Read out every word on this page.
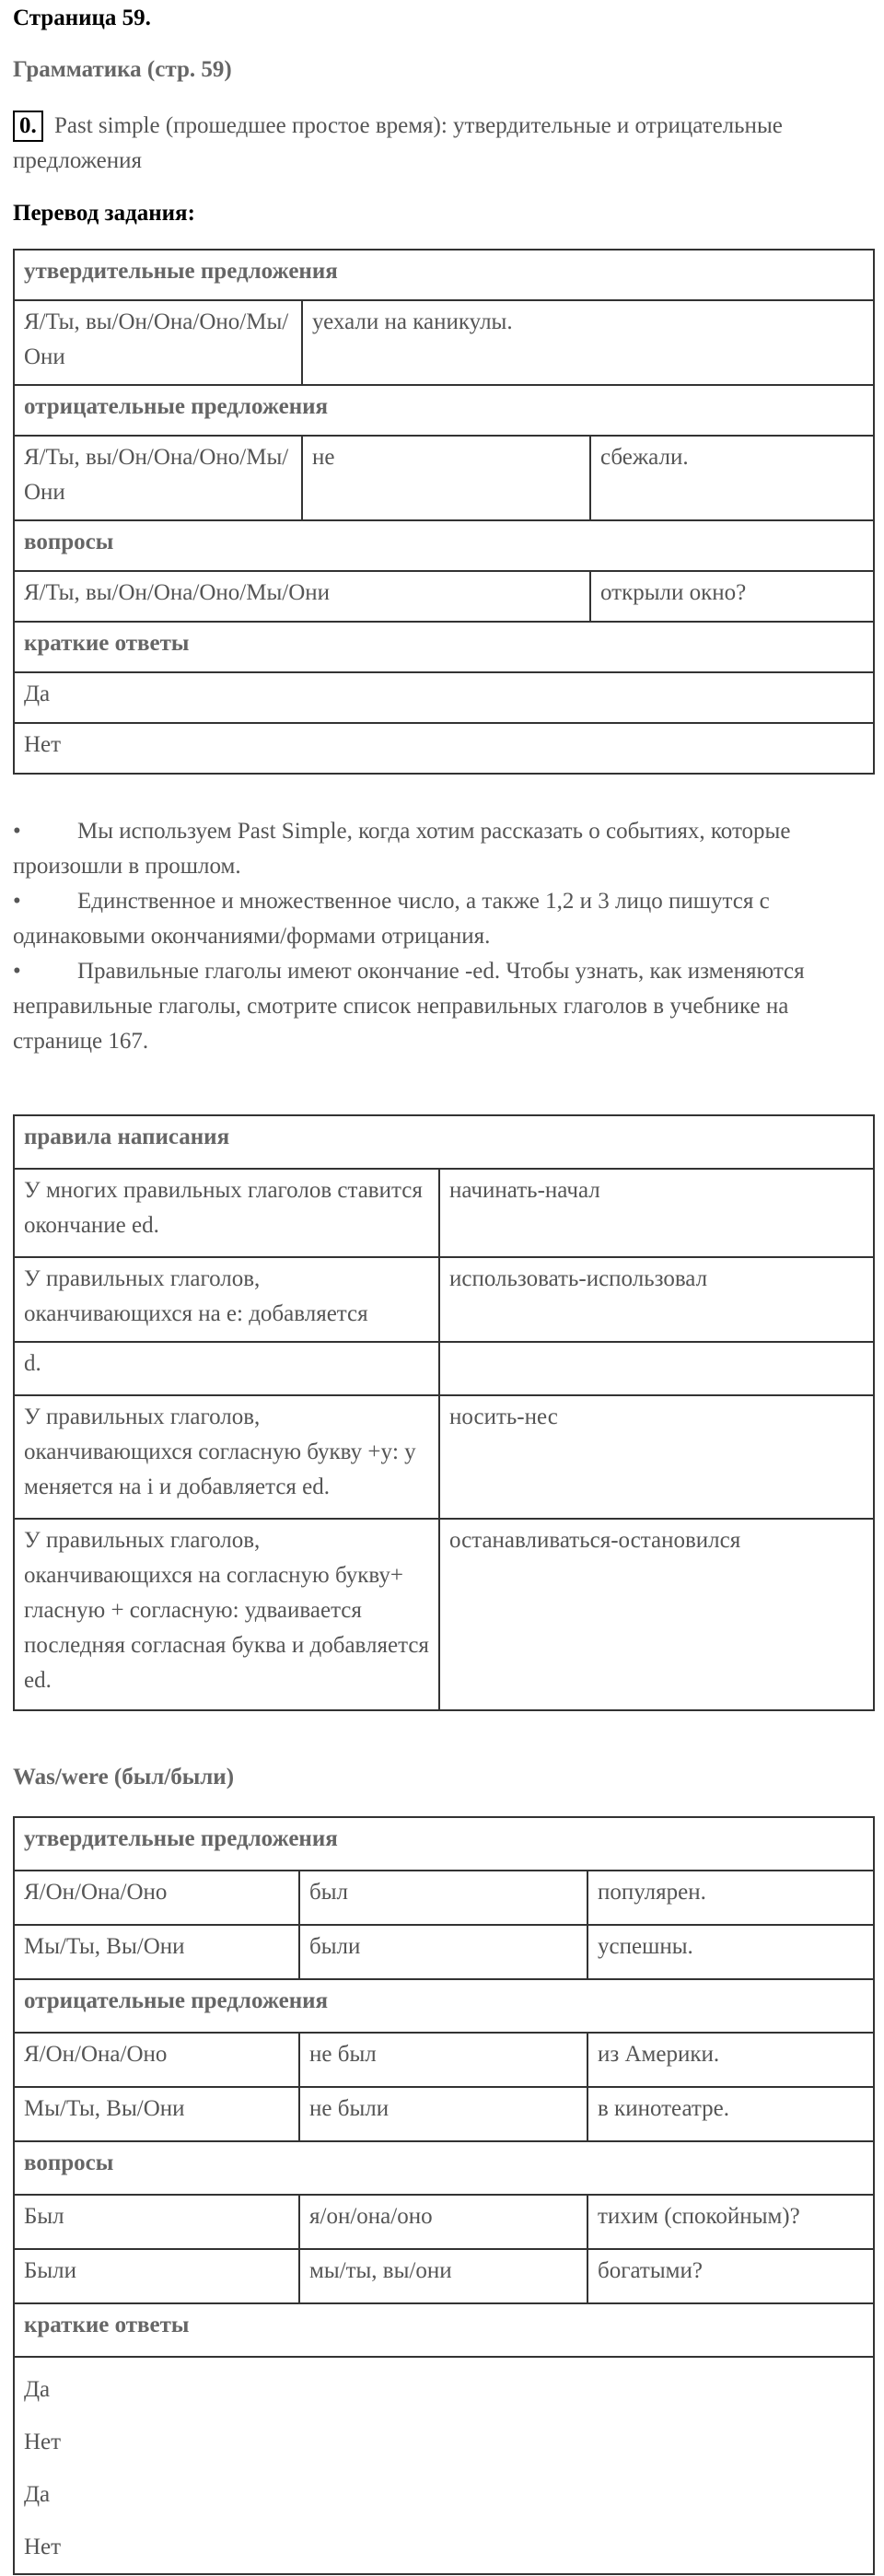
Страница 59.
Грамматика (стр. 59)
0. Past simple (прошедшее простое время): утвердительные и отрицательные предложения
Перевод задания:
утвердительные предложения		
Я/Ты, вы/Он/Она/Оно/Мы/Они	уехали на каникулы.	
отрицательные предложения		
Я/Ты, вы/Он/Она/Оно/Мы/Они	не	сбежали.
вопросы		
Я/Ты, вы/Он/Она/Оно/Мы/Они		открыли окно?
краткие ответы		
Да		
Нет		
• Мы используем Past Simple, когда хотим рассказать о событиях, которые произошли в прошлом.
• Единственное и множественное число, а также 1,2 и 3 лицо пишутся с одинаковыми окончаниями/формами отрицания.
• Правильные глаголы имеют окончание -ed. Чтобы узнать, как изменяются неправильные глаголы, смотрите список неправильных глаголов в учебнике на странице 167.
правила написания	
У многих правильных глаголов ставится окончание ed.	начинать-начал
У правильных глаголов, оканчивающихся на e: добавляется	использовать-использовал
d.	
У правильных глаголов, оканчивающихся согласную букву +y: y меняется на i и добавляется ed.	носить-нес
У правильных глаголов, оканчивающихся на согласную букву+ гласную + согласную: удваивается последняя согласная буква и добавляется ed.	останавливаться-остановился
Was/were (был/были)
утвердительные предложения		
Я/Он/Она/Оно	был	популярен.
Мы/Ты, Вы/Они	были	успешны.
отрицательные предложения		
Я/Он/Она/Оно	не был	из Америки.
Мы/Ты, Вы/Они	не были	в кинотеатре.
вопросы		
Был	я/он/она/оно	тихим (спокойным)?
Были	мы/ты, вы/они	богатыми?
краткие ответы		

Да
Нет
Да
Нет		
